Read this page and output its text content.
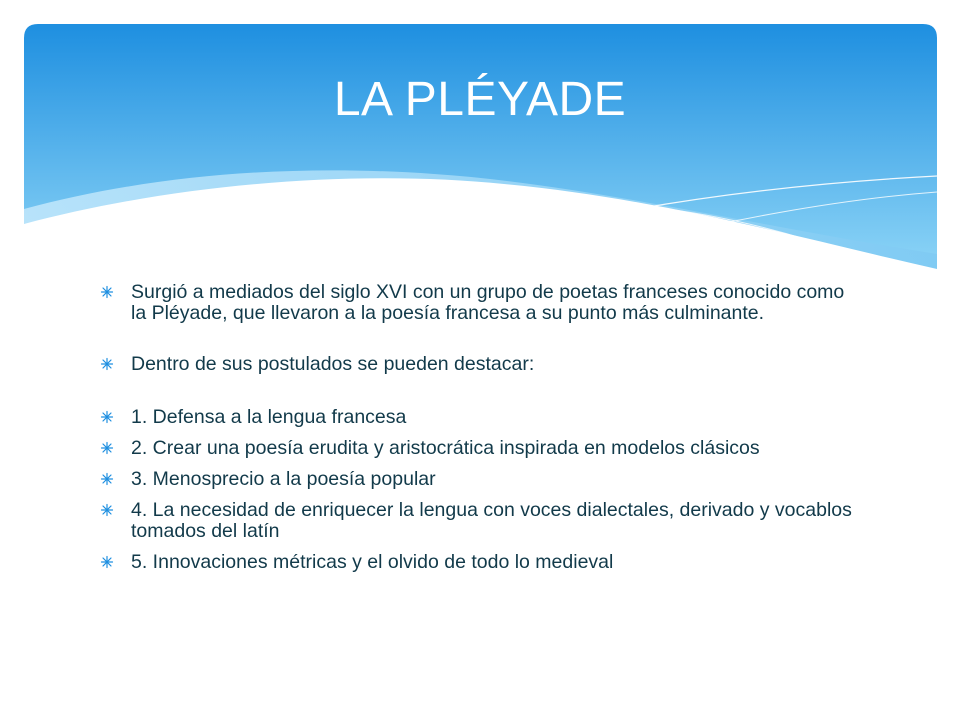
LA PLÉYADE

Surgió a mediados del siglo XVI con un grupo de poetas franceses conocido como la Pléyade, que llevaron a la poesía francesa a su punto más culminante.

Dentro de sus postulados se pueden destacar:

1. Defensa a la lengua francesa

2. Crear una poesía erudita y aristocrática inspirada en modelos clásicos

3. Menosprecio a la poesía popular

4. La necesidad de enriquecer la lengua con voces dialectales, derivado y vocablos tomados del latín

5. Innovaciones métricas y el olvido de todo lo medieval
